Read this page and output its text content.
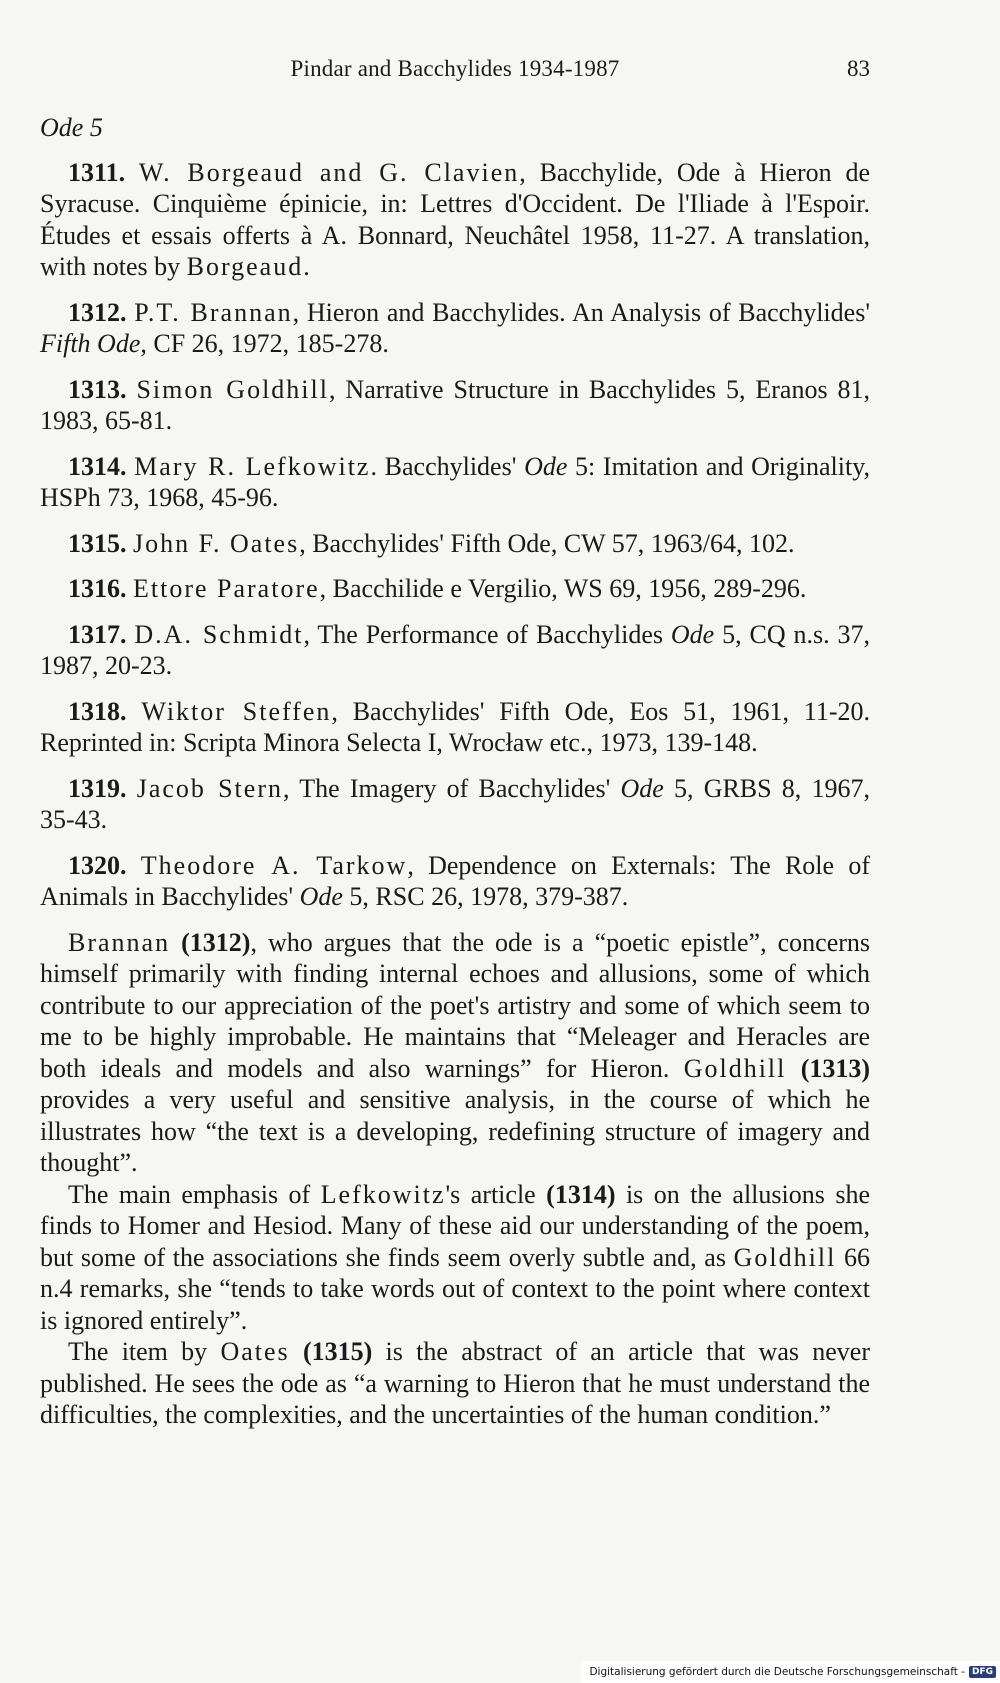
Pindar and Bacchylides 1934-1987	83
Ode 5
1311. W. Borgeaud and G. Clavien, Bacchylide, Ode à Hieron de Syracuse. Cinquième épinicie, in: Lettres d'Occident. De l'Iliade à l'Espoir. Études et essais offerts à A. Bonnard, Neuchâtel 1958, 11-27. A translation, with notes by Borgeaud.
1312. P.T. Brannan, Hieron and Bacchylides. An Analysis of Bacchylides' Fifth Ode, CF 26, 1972, 185-278.
1313. Simon Goldhill, Narrative Structure in Bacchylides 5, Eranos 81, 1983, 65-81.
1314. Mary R. Lefkowitz. Bacchylides' Ode 5: Imitation and Originality, HSPh 73, 1968, 45-96.
1315. John F. Oates, Bacchylides' Fifth Ode, CW 57, 1963/64, 102.
1316. Ettore Paratore, Bacchilide e Vergilio, WS 69, 1956, 289-296.
1317. D.A. Schmidt, The Performance of Bacchylides Ode 5, CQ n.s. 37, 1987, 20-23.
1318. Wiktor Steffen, Bacchylides' Fifth Ode, Eos 51, 1961, 11-20. Reprinted in: Scripta Minora Selecta I, Wrocław etc., 1973, 139-148.
1319. Jacob Stern, The Imagery of Bacchylides' Ode 5, GRBS 8, 1967, 35-43.
1320. Theodore A. Tarkow, Dependence on Externals: The Role of Animals in Bacchylides' Ode 5, RSC 26, 1978, 379-387.

Brannan (1312), who argues that the ode is a “poetic epistle”, concerns himself primarily with finding internal echoes and allusions, some of which contribute to our appreciation of the poet's artistry and some of which seem to me to be highly improbable. He maintains that “Meleager and Heracles are both ideals and models and also warnings” for Hieron. Goldhill (1313) provides a very useful and sensitive analysis, in the course of which he illustrates how “the text is a developing, redefining structure of imagery and thought”.

The main emphasis of Lefkowitz's article (1314) is on the allusions she finds to Homer and Hesiod. Many of these aid our understanding of the poem, but some of the associations she finds seem overly subtle and, as Goldhill 66 n.4 remarks, she “tends to take words out of context to the point where context is ignored entirely”.

The item by Oates (1315) is the abstract of an article that was never published. He sees the ode as “a warning to Hieron that he must understand the difficulties, the complexities, and the uncertainties of the human condition.”

Digitalisierung gefördert durch die Deutsche Forschungsgemeinschaft - DFG
